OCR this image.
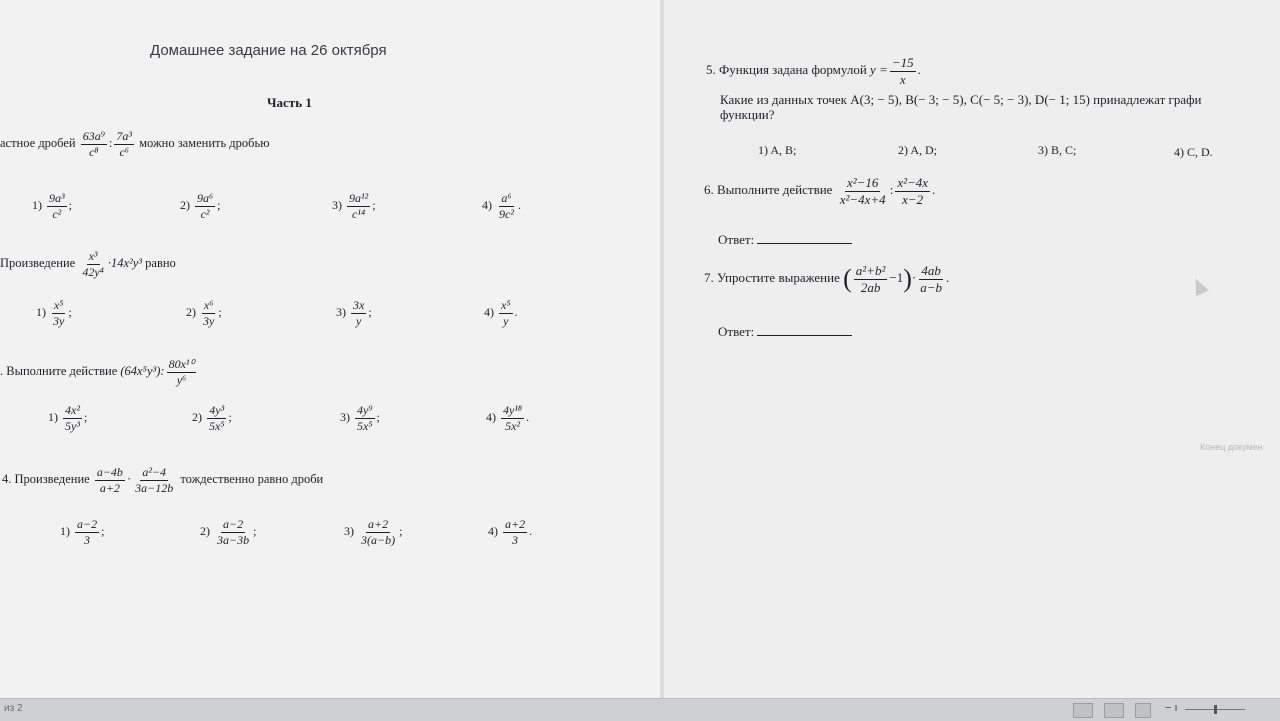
Домашнее задание на 26 октября
Часть 1
астное дробей $\frac{\text{63a⁹}}{\text{c⁸}}$ : $\frac{\text{7a³}}{\text{c⁶}}$ можно заменить дробью
$1) \frac{\text{9a³}}{\text{c²}}$ ;	$2) \frac{\text{9a⁶}}{\text{c²}}$ ;	$3) \frac{\text{9a¹²}}{\text{c¹⁴}}$ ;	$4) \frac{\text{a⁶}}{\text{9c²}}$ .
Произведение $\frac{\text{x³}}{\text{42y⁴}} \cdot 14x^2y^3$ равно
$1) \frac{\text{x⁵}}{3y}$ ;	$2) \frac{\text{x⁶}}{3y}$ ;	$3) \frac{3x}{y}$ ;	$4) \frac{\text{x⁵}}{y}$ .
. Выполните действие (64x⁵y³): $\frac{\text{80x¹⁰}}{\text{y⁶}}$
$1) \frac{\text{4x²}}{\text{5y³}}$ ;	$2) \frac{\text{4y³}}{\text{5x⁵}}$ ;	$3) \frac{\text{4y⁹}}{\text{5x⁵}}$ ;	$4) \frac{\text{4y¹⁸}}{\text{5x²}}$ .
4. Произведение $\frac{a-4b}{a+2} \cdot \frac{\text{a²−4}}{3a-12b}$ тождественно равно дроби
$1) \frac{a-2}{3}$ ;	$2) \frac{a-2}{3a-3b}$ ;	$3) \frac{a+2}{3(a-b)}$ ;	$4) \frac{a+2}{3}$ .
5. Функция задана формулой $y = \frac{-15}{x}$ .
Какие из данных точек A(3; − 5), B(− 3; − 5), C(− 5; − 3), D(− 1; 15) принадлежат графи
функции?
1) A, B;	2) A, D;	3) B, C;	4) C, D.
6. Выполните действие $\frac{\text{x²−16}}{\text{x²−4x+4}}$ : $\frac{\text{x²−4x}}{x-2}$ .
Ответ:
7. Упростите выражение ( $\frac{\text{a²+b²}}{2ab} -1)\cdot \frac{4ab}{a-b}$ .
Ответ:
Конец докумен
из 2	− ı
